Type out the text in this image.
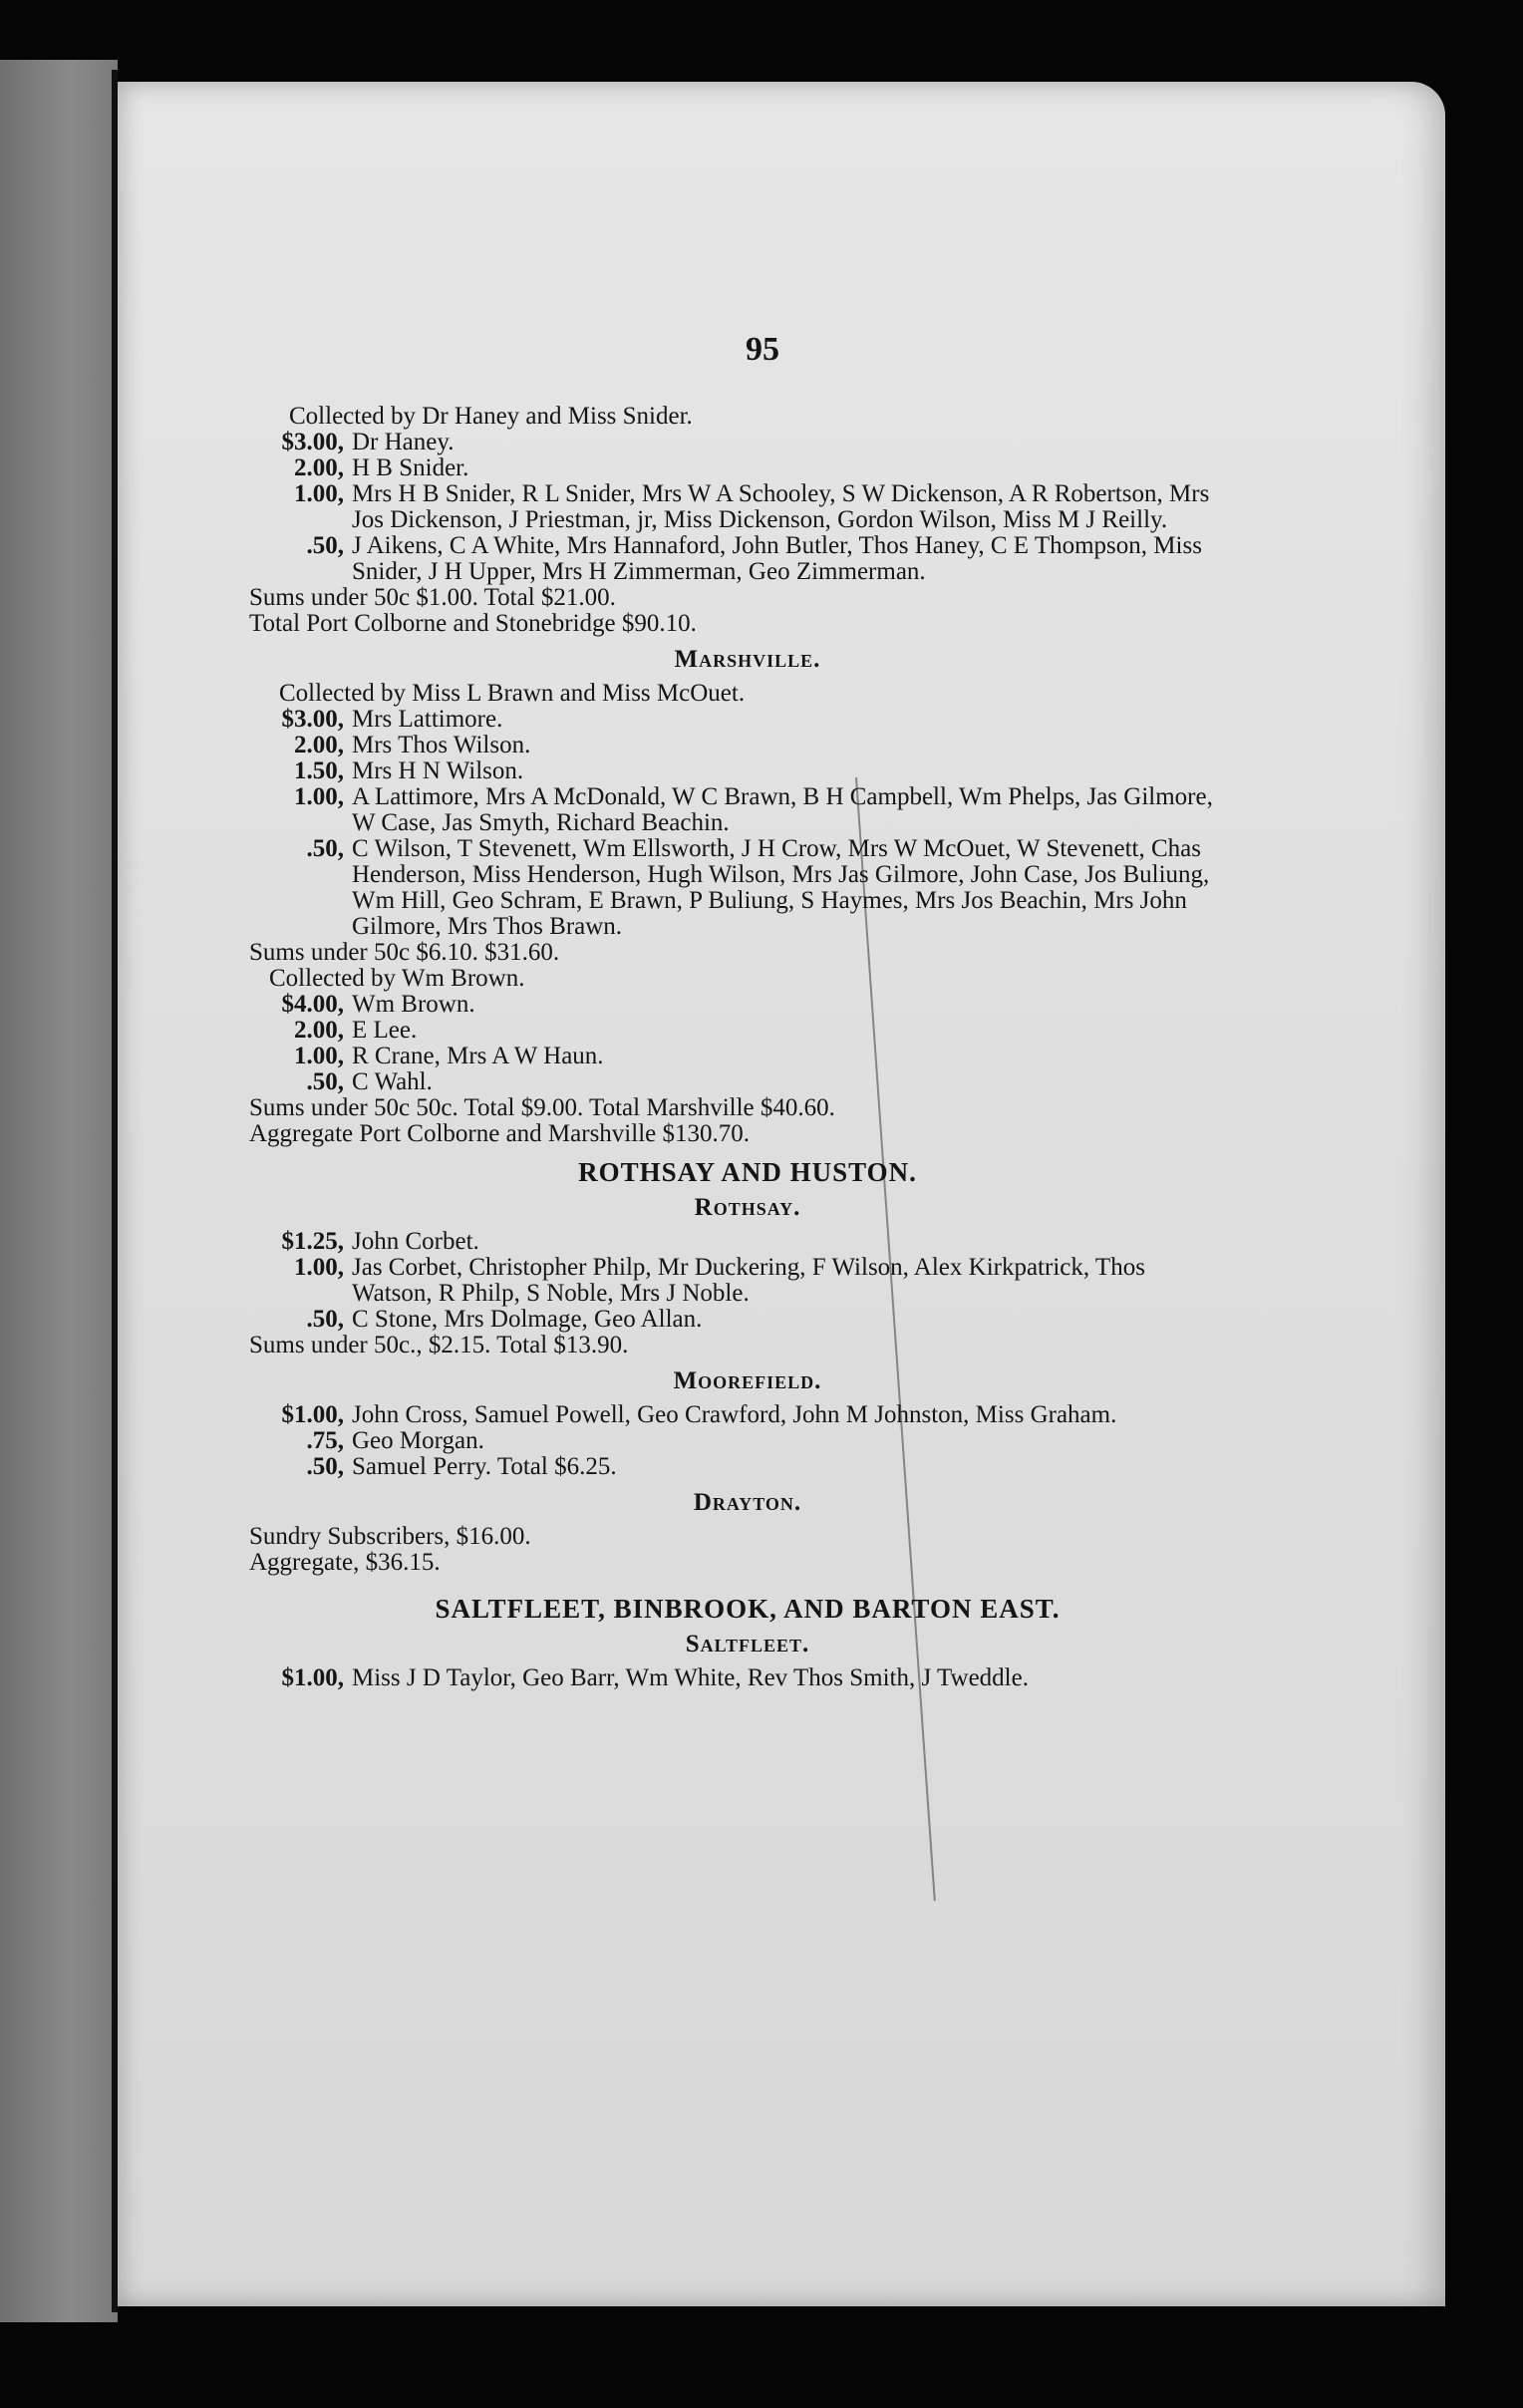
95

Collected by Dr Haney and Miss Snider.

$3.00, Dr Haney.
2.00, H B Snider.
1.00, Mrs H B Snider, R L Snider, Mrs W A Schooley, S W Dickenson, A R Robertson, Mrs Jos Dickenson, J Priestman, jr, Miss Dickenson, Gordon Wilson, Miss M J Reilly.
.50, J Aikens, C A White, Mrs Hannaford, John Butler, Thos Haney, C E Thompson, Miss Snider, J H Upper, Mrs H Zimmerman, Geo Zimmerman.

Sums under 50c $1.00. Total $21.00.

Total Port Colborne and Stonebridge $90.10.

Marshville.

Collected by Miss L Brawn and Miss McOuet.

$3.00, Mrs Lattimore.
2.00, Mrs Thos Wilson.
1.50, Mrs H N Wilson.
1.00, A Lattimore, Mrs A McDonald, W C Brawn, B H Campbell, Wm Phelps, Jas Gilmore, W Case, Jas Smyth, Richard Beachin.
.50, C Wilson, T Stevenett, Wm Ellsworth, J H Crow, Mrs W McOuet, W Stevenett, Chas Henderson, Miss Henderson, Hugh Wilson, Mrs Jas Gilmore, John Case, Jos Buliung, Wm Hill, Geo Schram, E Brawn, P Buliung, S Haymes, Mrs Jos Beachin, Mrs John Gilmore, Mrs Thos Brawn.

Sums under 50c $6.10. $31.60.

Collected by Wm Brown.

$4.00, Wm Brown.
2.00, E Lee.
1.00, R Crane, Mrs A W Haun.
.50, C Wahl.

Sums under 50c 50c. Total $9.00. Total Marshville $40.60.

Aggregate Port Colborne and Marshville $130.70.

ROTHSAY AND HUSTON.
Rothsay.
$1.25, John Corbet.
1.00, Jas Corbet, Christopher Philp, Mr Duckering, F Wilson, Alex Kirkpatrick, Thos Watson, R Philp, S Noble, Mrs J Noble.
.50, C Stone, Mrs Dolmage, Geo Allan.

Sums under 50c., $2.15. Total $13.90.

Moorefield.
$1.00, John Cross, Samuel Powell, Geo Crawford, John M Johnston, Miss Graham.
.75, Geo Morgan.
.50, Samuel Perry. Total $6.25.
Drayton.

Sundry Subscribers, $16.00.

Aggregate, $36.15.

SALTFLEET, BINBROOK, AND BARTON EAST.
Saltfleet.
$1.00, Miss J D Taylor, Geo Barr, Wm White, Rev Thos Smith, J Tweddle.
